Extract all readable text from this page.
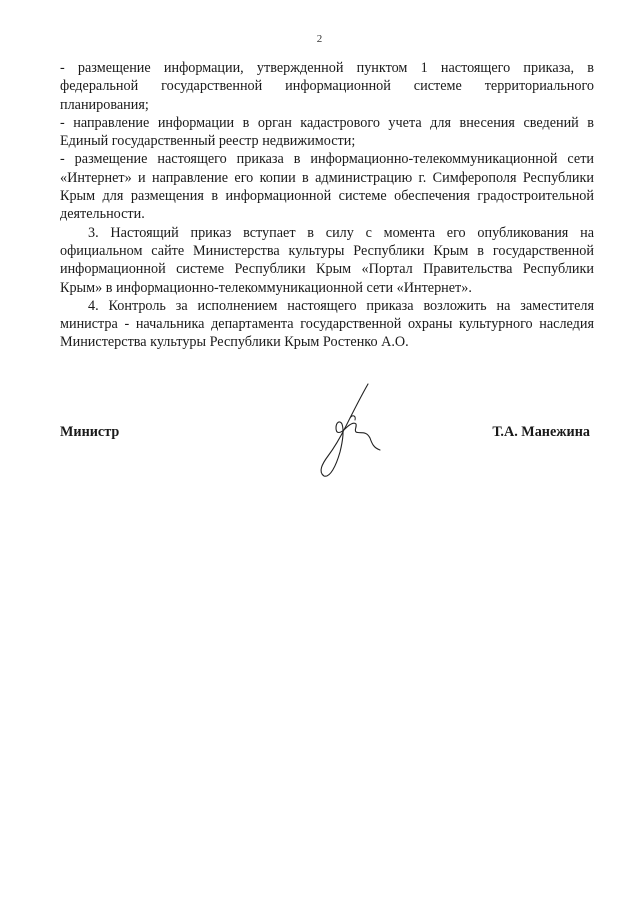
2

- размещение информации, утвержденной пунктом 1 настоящего приказа, в федеральной государственной информационной системе территориального планирования;

- направление информации в орган кадастрового учета для внесения сведений в Единый государственный реестр недвижимости;

- размещение настоящего приказа в информационно-телекоммуникационной сети «Интернет» и направление его копии в администрацию г. Симферополя Республики Крым для размещения в информационной системе обеспечения градостроительной деятельности.

3. Настоящий приказ вступает в силу с момента его опубликования на официальном сайте Министерства культуры Республики Крым в государственной информационной системе Республики Крым «Портал Правительства Республики Крым» в информационно-телекоммуникационной сети «Интернет».

4. Контроль за исполнением настоящего приказа возложить на заместителя министра - начальника департамента государственной охраны культурного наследия Министерства культуры Республики Крым Ростенко А.О.

Министр	Т.А. Манежина
